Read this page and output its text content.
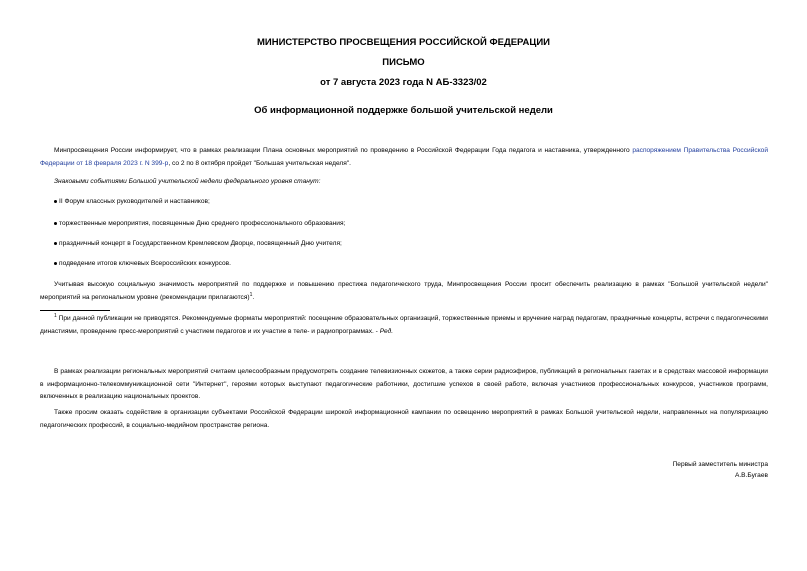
МИНИСТЕРСТВО ПРОСВЕЩЕНИЯ РОССИЙСКОЙ ФЕДЕРАЦИИ
ПИСЬМО
от 7 августа 2023 года N АБ-3323/02
Об информационной поддержке большой учительской недели
Минпросвещения России информирует, что в рамках реализации Плана основных мероприятий по проведению в Российской Федерации Года педагога и наставника, утвержденного распоряжением Правительства Российской Федерации от 18 февраля 2023 г. N 399-р, со 2 по 8 октября пройдет "Большая учительская неделя".
Знаковыми событиями Большой учительской недели федерального уровня станут:
II Форум классных руководителей и наставников;
торжественные мероприятия, посвященные Дню среднего профессионального образования;
праздничный концерт в Государственном Кремлевском Дворце, посвященный Дню учителя;
подведение итогов ключевых Всероссийских конкурсов.
Учитывая высокую социальную значимость мероприятий по поддержке и повышению престижа педагогического труда, Минпросвещения России просит обеспечить реализацию в рамках "Большой учительской недели" мероприятий на региональном уровне (рекомендации прилагаются)$^1$.
$^1$ При данной публикации не приводятся. Рекомендуемые форматы мероприятий: посещение образовательных организаций, торжественные приемы и вручение наград педагогам, праздничные концерты, встречи с педагогическими династиями, проведение пресс-мероприятий с участием педагогов и их участие в теле- и радиопрограммах. - Ред.
В рамках реализации региональных мероприятий считаем целесообразным предусмотреть создание телевизионных сюжетов, а также серии радиоэфиров, публикаций в региональных газетах и в средствах массовой информации в информационно-телекоммуникационной сети "Интернет", героями которых выступают педагогические работники, достигшие успехов в своей работе, включая участников профессиональных конкурсов, участников программ, включенных в реализацию национальных проектов.
Также просим оказать содействие в организации субъектами Российской Федерации широкой информационной кампании по освещению мероприятий в рамках Большой учительской недели, направленных на популяризацию педагогических профессий, в социально-медийном пространстве региона.
Первый заместитель министра
А.В.Бугаев
